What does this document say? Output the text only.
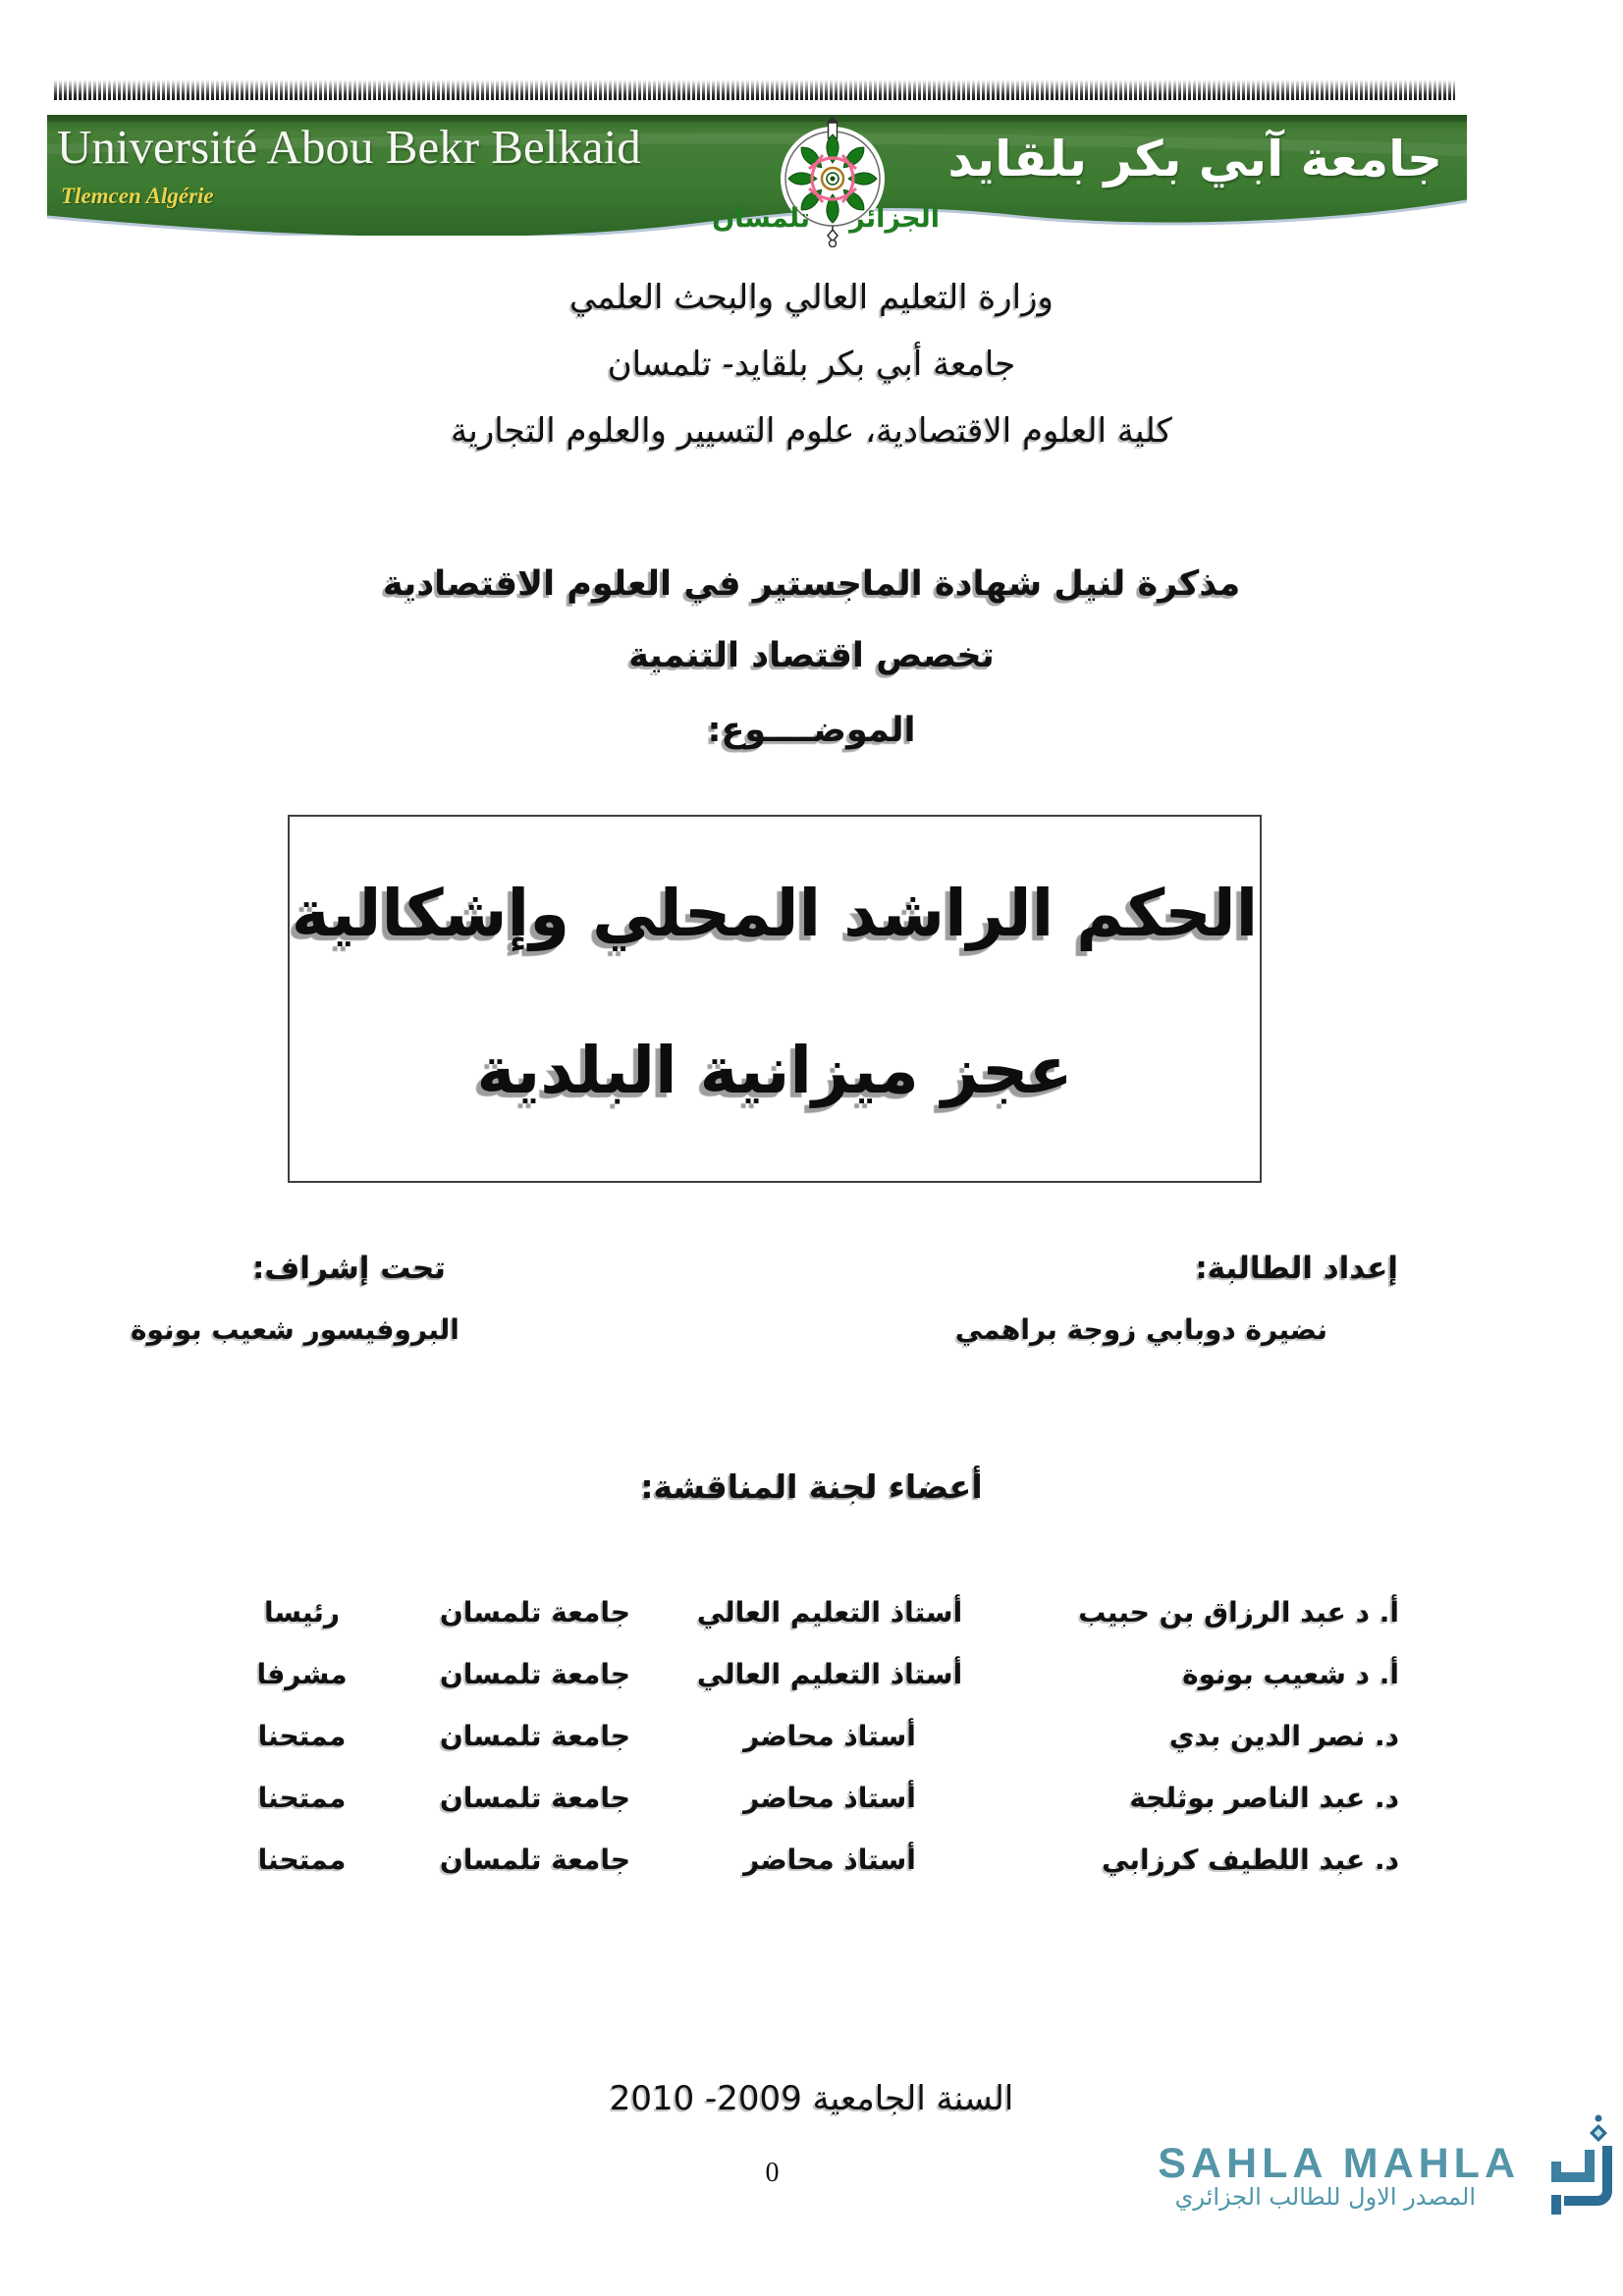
Université Abou Bekr Belkaid
Tlemcen Algérie
جامعة آبي بكر بلقايد
تلمسان الجزائر
وزارة التعليم العالي والبحث العلمي
جامعة أبي بكر بلقايد- تلمسان
كلية العلوم الاقتصادية، علوم التسيير والعلوم التجارية
مذكرة لنيل شهادة الماجستير في العلوم الاقتصادية
تخصص اقتصاد التنمية
الموضــــوع:
الحكم الراشد المحلي وإشكالية
عجز ميزانية البلدية
إعداد الطالبة:
نضيرة دوبابي زوجة براهمي
تحت إشراف:
البروفيسور شعيب بونوة
أعضاء لجنة المناقشة:
أ. د عبد الرزاق بن حبيب
أستاذ التعليم العالي
جامعة تلمسان
رئيسا
أ. د شعيب بونوة
أستاذ التعليم العالي
جامعة تلمسان
مشرفا
د. نصر الدين بدي
أستاذ محاضر
جامعة تلمسان
ممتحنا
د. عبد الناصر بوثلجة
أستاذ محاضر
جامعة تلمسان
ممتحنا
د. عبد اللطيف كرزابي
أستاذ محاضر
جامعة تلمسان
ممتحنا
السنة الجامعية 2009- 2010
0	SAHLA MAHLA
المصدر الاول للطالب الجزائري
